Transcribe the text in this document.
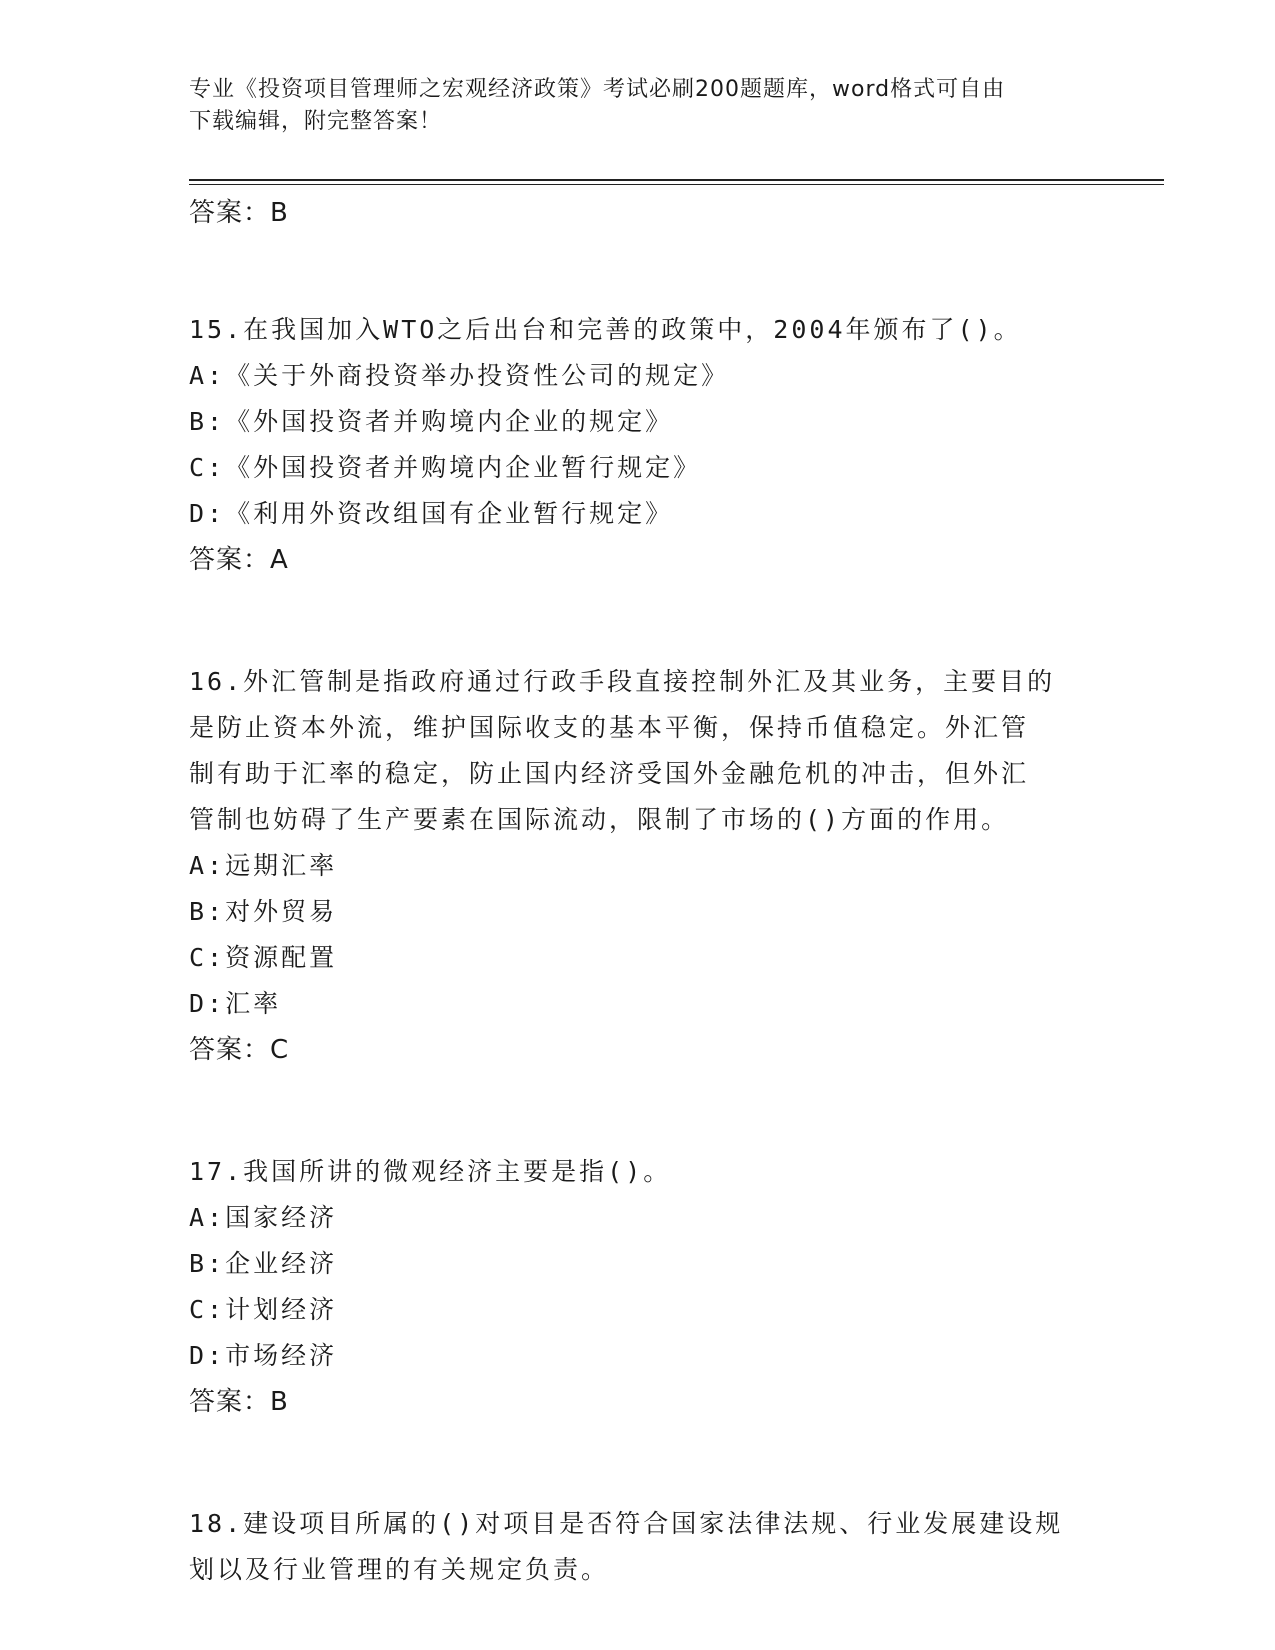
专业《投资项目管理师之宏观经济政策》考试必刷200题题库，word格式可自由
下载编辑，附完整答案！
答案：B
15.在我国加入WTO之后出台和完善的政策中，2004年颁布了()。
A:《关于外商投资举办投资性公司的规定》
B:《外国投资者并购境内企业的规定》
C:《外国投资者并购境内企业暂行规定》
D:《利用外资改组国有企业暂行规定》
答案：A
16.外汇管制是指政府通过行政手段直接控制外汇及其业务，主要目的
是防止资本外流，维护国际收支的基本平衡，保持币值稳定。外汇管
制有助于汇率的稳定，防止国内经济受国外金融危机的冲击，但外汇
管制也妨碍了生产要素在国际流动，限制了市场的()方面的作用。
A:远期汇率
B:对外贸易
C:资源配置
D:汇率
答案：C
17.我国所讲的微观经济主要是指()。
A:国家经济
B:企业经济
C:计划经济
D:市场经济
答案：B
18.建设项目所属的()对项目是否符合国家法律法规、行业发展建设规
划以及行业管理的有关规定负责。
